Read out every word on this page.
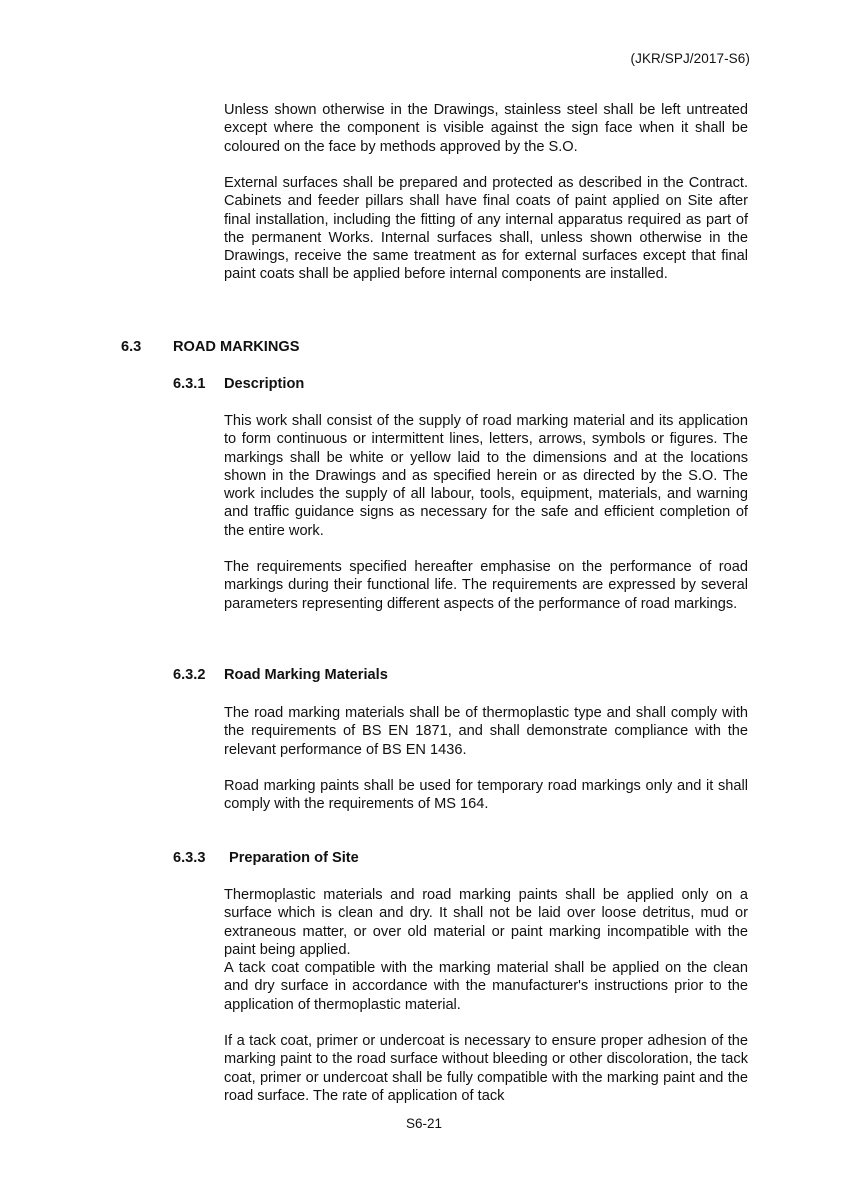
(JKR/SPJ/2017-S6)

Unless shown otherwise in the Drawings, stainless steel shall be left untreated except where the component is visible against the sign face when it shall be coloured on the face by methods approved by the S.O.

External surfaces shall be prepared and protected as described in the Contract. Cabinets and feeder pillars shall have final coats of paint applied on Site after final installation, including the fitting of any internal apparatus required as part of the permanent Works. Internal surfaces shall, unless shown otherwise in the Drawings, receive the same treatment as for external surfaces except that final paint coats shall be applied before internal components are installed.

6.3 ROAD MARKINGS
6.3.1 Description

This work shall consist of the supply of road marking material and its application to form continuous or intermittent lines, letters, arrows, symbols or figures. The markings shall be white or yellow laid to the dimensions and at the locations shown in the Drawings and as specified herein or as directed by the S.O. The work includes the supply of all labour, tools, equipment, materials, and warning and traffic guidance signs as necessary for the safe and efficient completion of the entire work.

The requirements specified hereafter emphasise on the performance of road markings during their functional life. The requirements are expressed by several parameters representing different aspects of the performance of road markings.

6.3.2 Road Marking Materials

The road marking materials shall be of thermoplastic type and shall comply with the requirements of BS EN 1871, and shall demonstrate compliance with the relevant performance of BS EN 1436.

Road marking paints shall be used for temporary road markings only and it shall comply with the requirements of MS 164.

6.3.3 Preparation of Site

Thermoplastic materials and road marking paints shall be applied only on a surface which is clean and dry. It shall not be laid over loose detritus, mud or extraneous matter, or over old material or paint marking incompatible with the paint being applied.

A tack coat compatible with the marking material shall be applied on the clean and dry surface in accordance with the manufacturer's instructions prior to the application of thermoplastic material.

If a tack coat, primer or undercoat is necessary to ensure proper adhesion of the marking paint to the road surface without bleeding or other discoloration, the tack coat, primer or undercoat shall be fully compatible with the marking paint and the road surface. The rate of application of tack

S6-21
